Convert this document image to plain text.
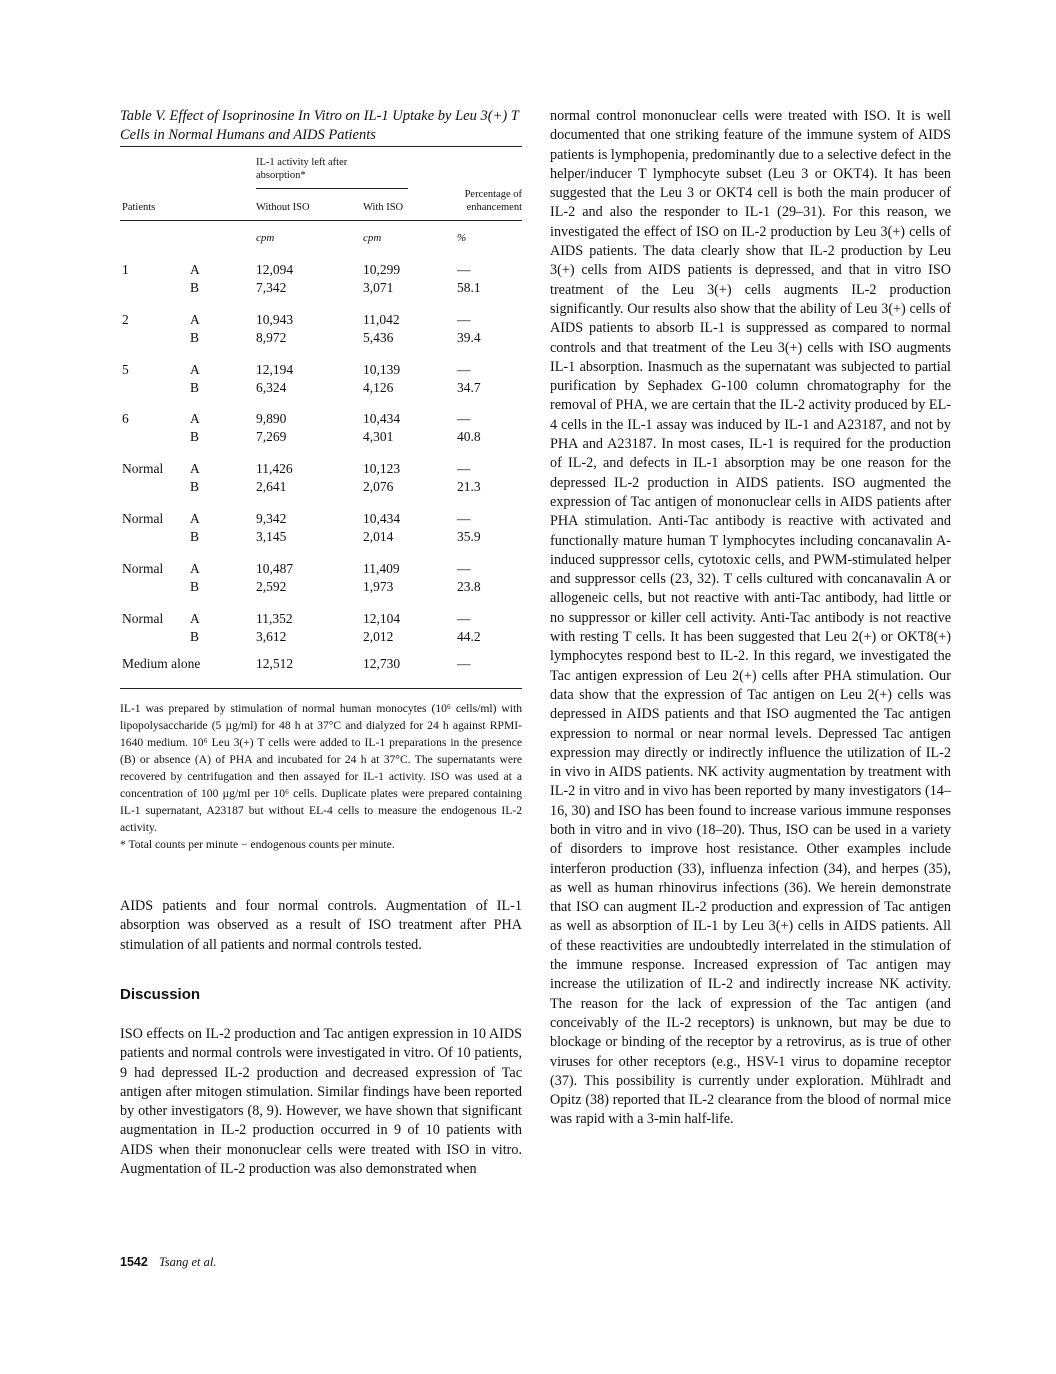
Table V. Effect of Isoprinosine In Vitro on IL-1 Uptake by Leu 3(+) T Cells in Normal Humans and AIDS Patients
IL-1 activity left after absorption*
Percentage of enhancement
Patients	Without ISO	With ISO
cpm	cpm	%
1	A	12,094	10,299	—
B	7,342	3,071	58.1
2	A	10,943	11,042	—
B	8,972	5,436	39.4
5	A	12,194	10,139	—
B	6,324	4,126	34.7
6	A	9,890	10,434	—
B	7,269	4,301	40.8
Normal A	11,426	10,123	—
B	2,641	2,076	21.3
Normal A	9,342	10,434	—
B	3,145	2,014	35.9
Normal A	10,487	11,409	—
B	2,592	1,973	23.8
Normal A	11,352	12,104	—
B	3,612	2,012	44.2
Medium alone	12,512	12,730	—

IL-1 was prepared by stimulation of normal human monocytes (10⁶ cells/ml) with lipopolysaccharide (5 µg/ml) for 48 h at 37°C and dialyzed for 24 h against RPMI-1640 medium. 10⁶ Leu 3(+) T cells were added to IL-1 preparations in the presence (B) or absence (A) of PHA and incubated for 24 h at 37°C. The supernatants were recovered by centrifugation and then assayed for IL-1 activity. ISO was used at a concentration of 100 µg/ml per 10⁶ cells. Duplicate plates were prepared containing IL-1 supernatant, A23187 but without EL-4 cells to measure the endogenous IL-2 activity.

* Total counts per minute − endogenous counts per minute.

AIDS patients and four normal controls. Augmentation of IL-1 absorption was observed as a result of ISO treatment after PHA stimulation of all patients and normal controls tested.

Discussion

ISO effects on IL-2 production and Tac antigen expression in 10 AIDS patients and normal controls were investigated in vitro. Of 10 patients, 9 had depressed IL-2 production and decreased expression of Tac antigen after mitogen stimulation. Similar findings have been reported by other investigators (8, 9). However, we have shown that significant augmentation in IL-2 production occurred in 9 of 10 patients with AIDS when their mononuclear cells were treated with ISO in vitro. Augmentation of IL-2 production was also demonstrated when

normal control mononuclear cells were treated with ISO. It is well documented that one striking feature of the immune system of AIDS patients is lymphopenia, predominantly due to a selective defect in the helper/inducer T lymphocyte subset (Leu 3 or OKT4). It has been suggested that the Leu 3 or OKT4 cell is both the main producer of IL-2 and also the responder to IL-1 (29–31). For this reason, we investigated the effect of ISO on IL-2 production by Leu 3(+) cells of AIDS patients. The data clearly show that IL-2 production by Leu 3(+) cells from AIDS patients is depressed, and that in vitro ISO treatment of the Leu 3(+) cells augments IL-2 production significantly. Our results also show that the ability of Leu 3(+) cells of AIDS patients to absorb IL-1 is suppressed as compared to normal controls and that treatment of the Leu 3(+) cells with ISO augments IL-1 absorption. Inasmuch as the supernatant was subjected to partial purification by Sephadex G-100 column chromatography for the removal of PHA, we are certain that the IL-2 activity produced by EL-4 cells in the IL-1 assay was induced by IL-1 and A23187, and not by PHA and A23187. In most cases, IL-1 is required for the production of IL-2, and defects in IL-1 absorption may be one reason for the depressed IL-2 production in AIDS patients. ISO augmented the expression of Tac antigen of mononuclear cells in AIDS patients after PHA stimulation. Anti-Tac antibody is reactive with activated and functionally mature human T lymphocytes including concanavalin A-induced suppressor cells, cytotoxic cells, and PWM-stimulated helper and suppressor cells (23, 32). T cells cultured with concanavalin A or allogeneic cells, but not reactive with anti-Tac antibody, had little or no suppressor or killer cell activity. Anti-Tac antibody is not reactive with resting T cells. It has been suggested that Leu 2(+) or OKT8(+) lymphocytes respond best to IL-2. In this regard, we investigated the Tac antigen expression of Leu 2(+) cells after PHA stimulation. Our data show that the expression of Tac antigen on Leu 2(+) cells was depressed in AIDS patients and that ISO augmented the Tac antigen expression to normal or near normal levels. Depressed Tac antigen expression may directly or indirectly influence the utilization of IL-2 in vivo in AIDS patients. NK activity augmentation by treatment with IL-2 in vitro and in vivo has been reported by many investigators (14–16, 30) and ISO has been found to increase various immune responses both in vitro and in vivo (18–20). Thus, ISO can be used in a variety of disorders to improve host resistance. Other examples include interferon production (33), influenza infection (34), and herpes (35), as well as human rhinovirus infections (36). We herein demonstrate that ISO can augment IL-2 production and expression of Tac antigen as well as absorption of IL-1 by Leu 3(+) cells in AIDS patients. All of these reactivities are undoubtedly interrelated in the stimulation of the immune response. Increased expression of Tac antigen may increase the utilization of IL-2 and indirectly increase NK activity. The reason for the lack of expression of the Tac antigen (and conceivably of the IL-2 receptors) is unknown, but may be due to blockage or binding of the receptor by a retrovirus, as is true of other viruses for other receptors (e.g., HSV-1 virus to dopamine receptor (37). This possibility is currently under exploration. Mühlradt and Opitz (38) reported that IL-2 clearance from the blood of normal mice was rapid with a 3-min half-life.

1542 Tsang et al.
